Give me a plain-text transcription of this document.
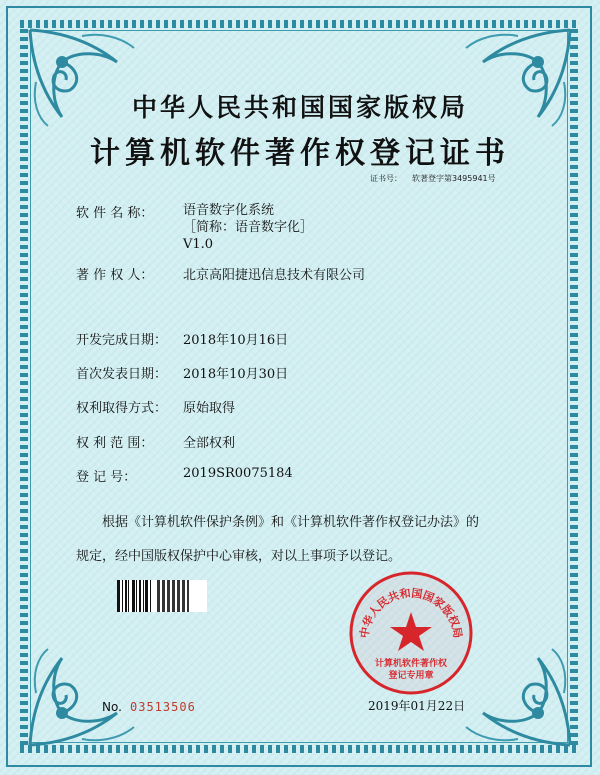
中华人民共和国国家版权局
计算机软件著作权登记证书
证书号： 软著登字第3495941号
软 件 名 称：	语音数字化系统
［简称：语音数字化］
V1.0
著 作 权 人：	北京高阳捷迅信息技术有限公司
开发完成日期：	2018年10月16日
首次发表日期：	2018年10月30日
权利取得方式：	原始取得
权 利 范 围：	全部权利
登 记 号：	2019SR0075184
根据《计算机软件保护条例》和《计算机软件著作权登记办法》的
规定，经中国版权保护中心审核，对以上事项予以登记。
中华人民共和国国家版权局
计算机软件著作权
登记专用章
No. 03513506	2019年01月22日
